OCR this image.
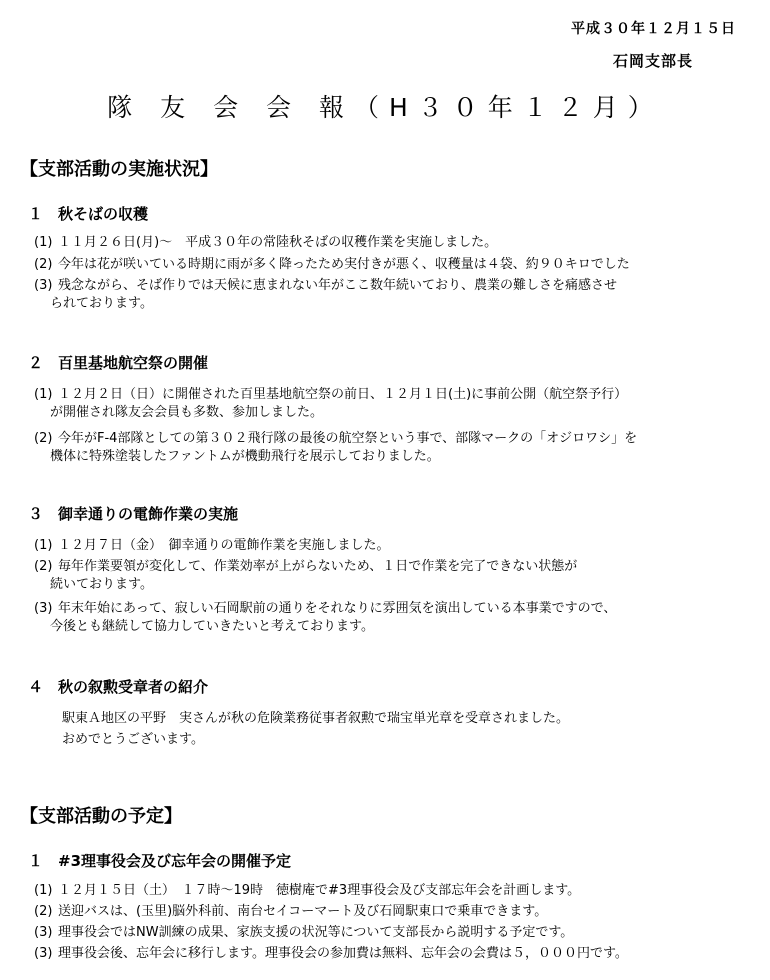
平成３０年１２月１５日
石岡支部長
隊 友 会 会 報（H３０年１２月）
【支部活動の実施状況】
１　秋そばの収穫
(1) １１月２６日(月)～　平成３０年の常陸秋そばの収穫作業を実施しました。
(2) 今年は花が咲いている時期に雨が多く降ったため実付きが悪く、収穫量は４袋、約９０キロでした
(3) 残念ながら、そば作りでは天候に恵まれない年がここ数年続いており、農業の難しさを痛感させ
られております。
２　百里基地航空祭の開催
(1) １２月２日（日）に開催された百里基地航空祭の前日、１２月１日(土)に事前公開（航空祭予行）
が開催され隊友会会員も多数、参加しました。
(2) 今年がF-4部隊としての第３０２飛行隊の最後の航空祭という事で、部隊マークの「オジロワシ」を
機体に特殊塗装したファントムが機動飛行を展示しておりました。
３　御幸通りの電飾作業の実施
(1) １２月７日（金）　御幸通りの電飾作業を実施しました。
(2) 毎年作業要領が変化して、作業効率が上がらないため、１日で作業を完了できない状態が
続いております。
(3) 年末年始にあって、寂しい石岡駅前の通りをそれなりに雰囲気を演出している本事業ですので、
今後とも継続して協力していきたいと考えております。
４　秋の叙勲受章者の紹介
駅東Ａ地区の平野　実さんが秋の危険業務従事者叙勲で瑞宝単光章を受章されました。
おめでとうございます。
【支部活動の予定】
１　#3理事役会及び忘年会の開催予定
(1) １２月１５日（土）　１７時～19時　徳樹庵で#3理事役会及び支部忘年会を計画します。
(2) 送迎バスは、(玉里)脳外科前、南台セイコーマート及び石岡駅東口で乗車できます。
(3) 理事役会ではNW訓練の成果、家族支援の状況等について支部長から説明する予定です。
(3) 理事役会後、忘年会に移行します。理事役会の参加費は無料、忘年会の会費は５，０００円です。
